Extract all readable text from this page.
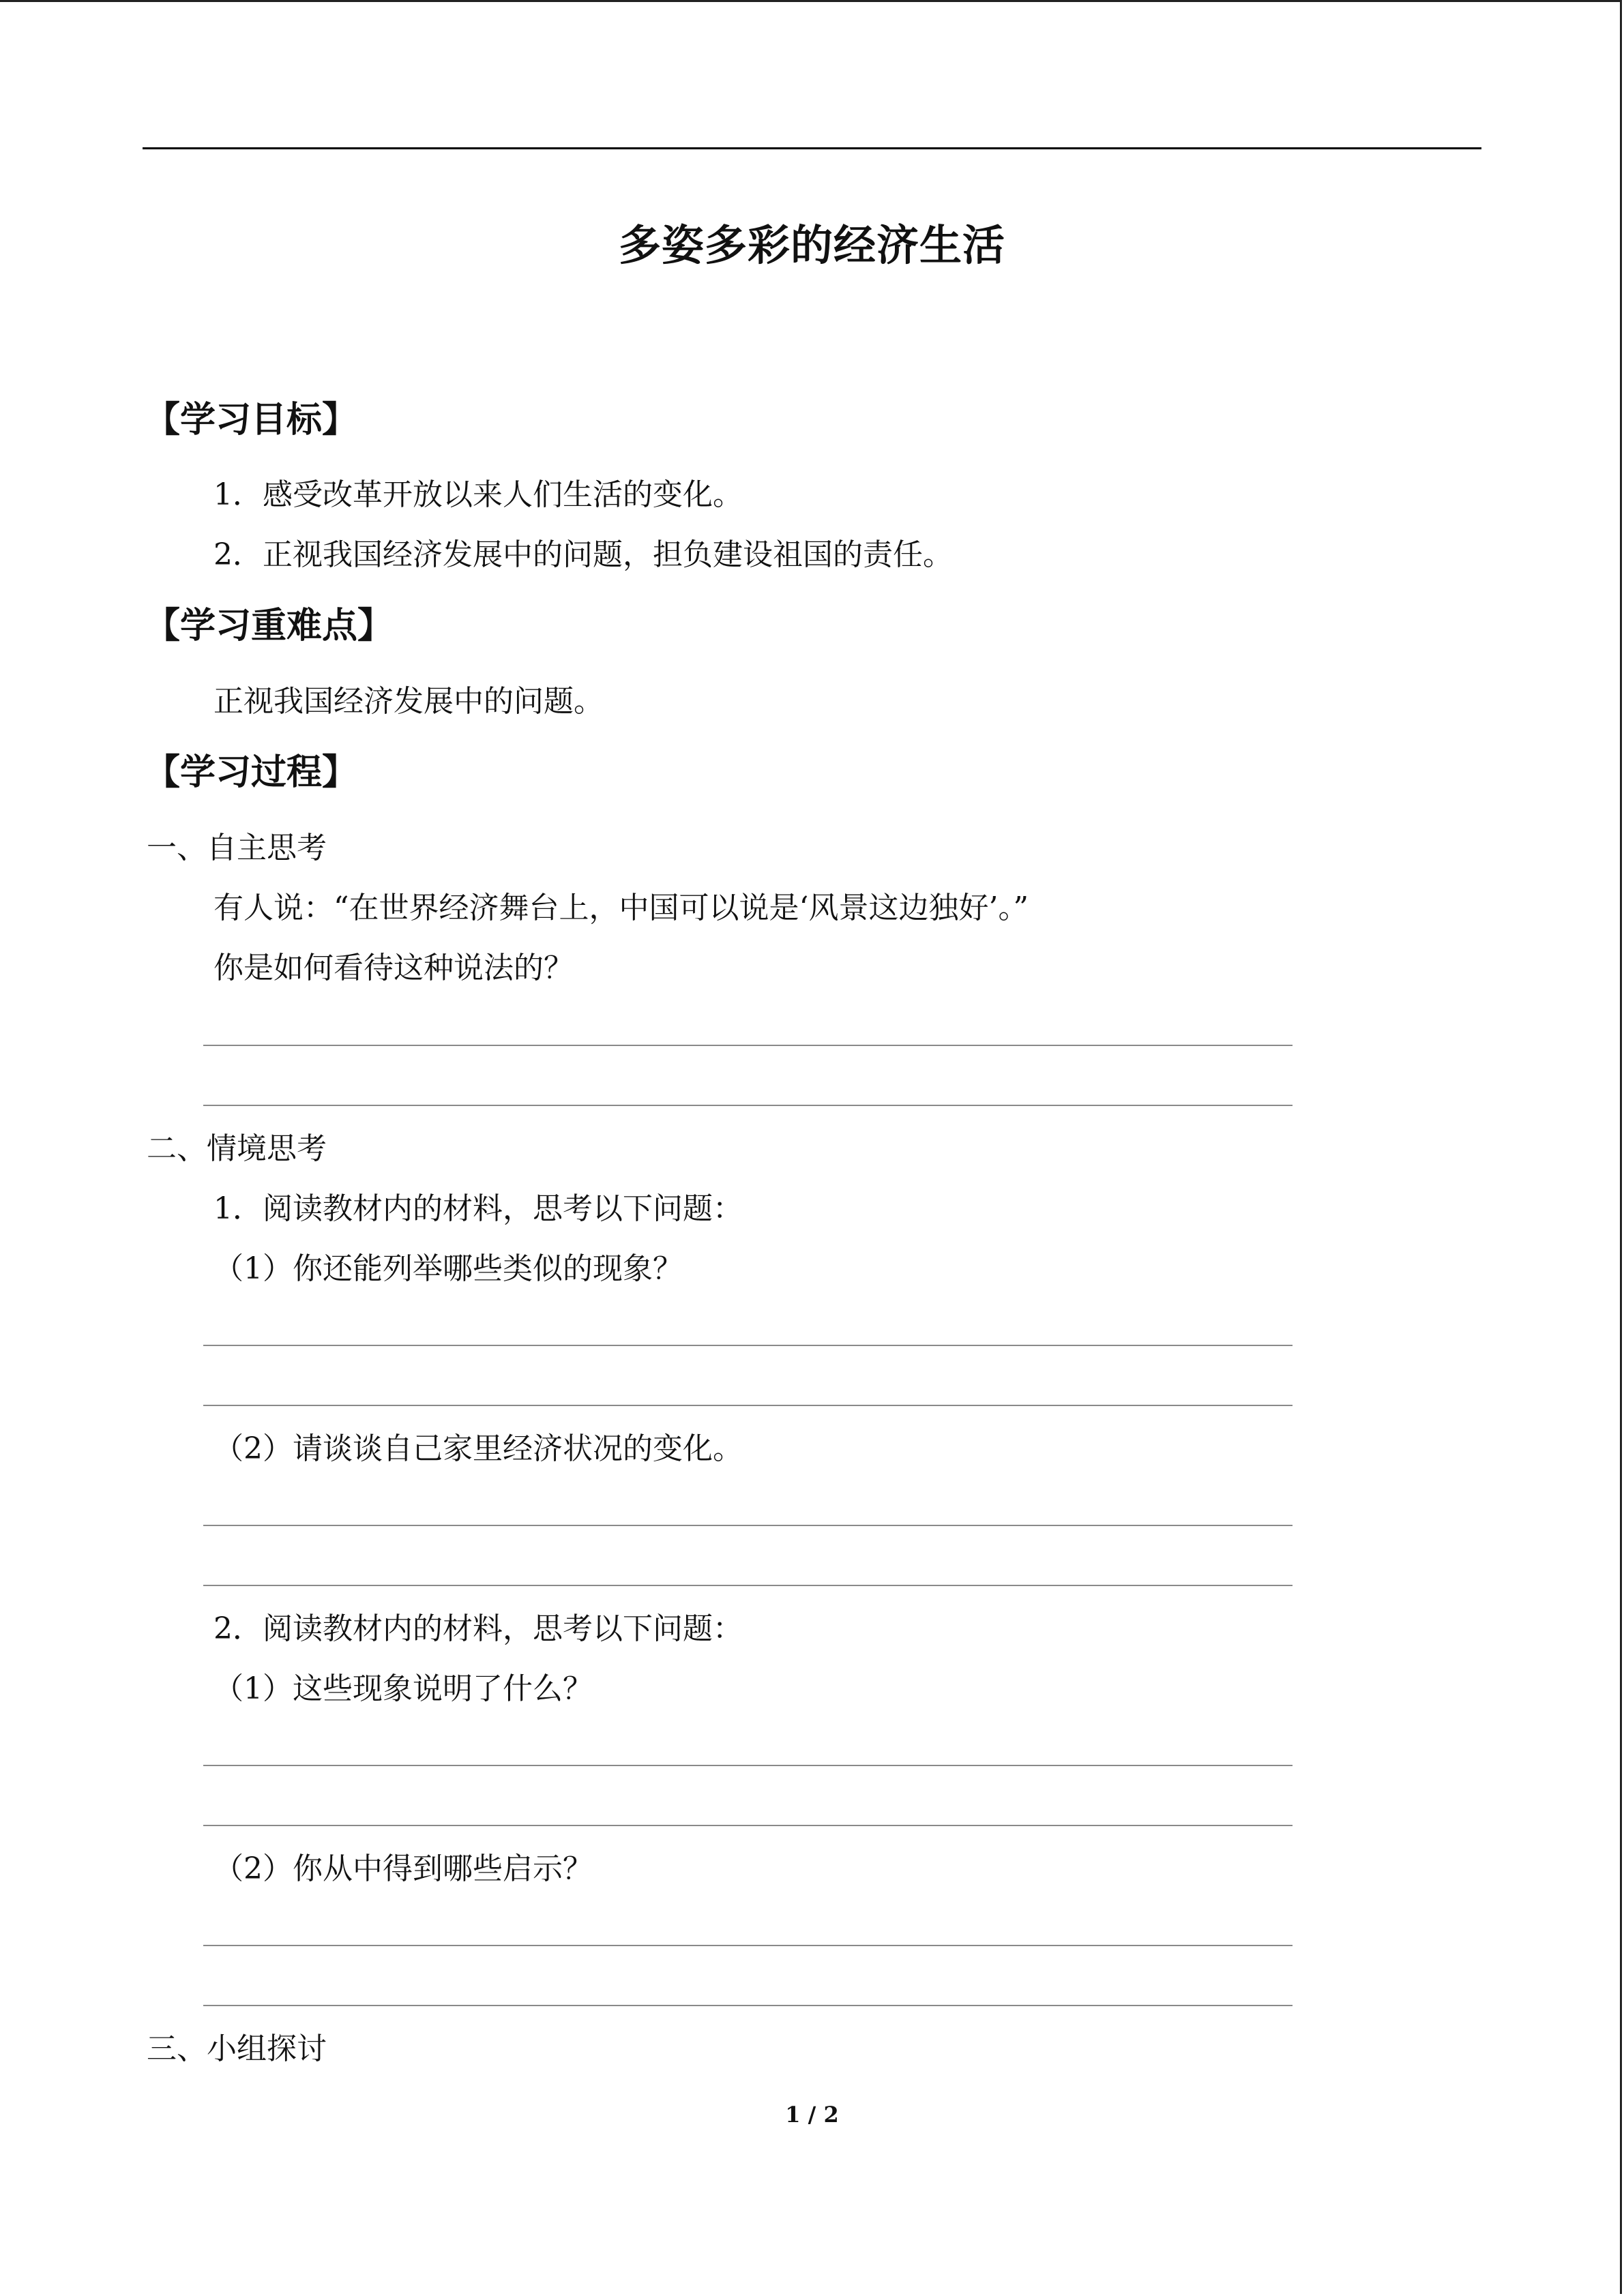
多姿多彩的经济生活
【学习目标】
1．感受改革开放以来人们生活的变化。
2．正视我国经济发展中的问题，担负建设祖国的责任。
【学习重难点】
正视我国经济发展中的问题。
【学习过程】
一、自主思考
有人说：“在世界经济舞台上，中国可以说是‘风景这边独好’。”
你是如何看待这种说法的？
二、情境思考
1．阅读教材内的材料，思考以下问题：
（1）你还能列举哪些类似的现象？
（2）请谈谈自己家里经济状况的变化。
2．阅读教材内的材料，思考以下问题：
（1）这些现象说明了什么？
（2）你从中得到哪些启示？
三、小组探讨
1 / 2
